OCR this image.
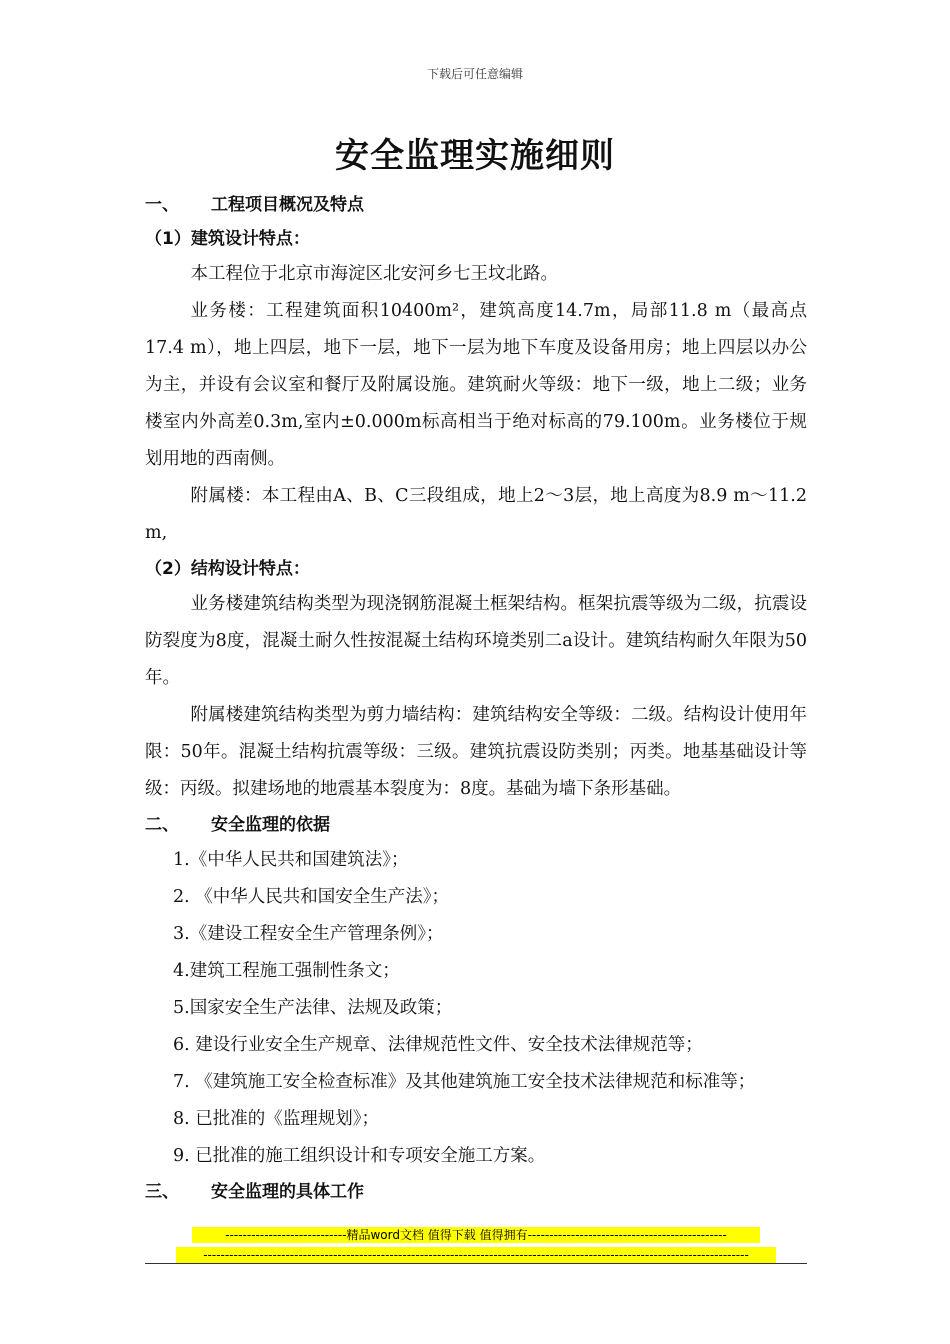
下载后可任意编辑
安全监理实施细则
一、 工程项目概况及特点
（1）建筑设计特点：

本工程位于北京市海淀区北安河乡七王坟北路。

业务楼：工程建筑面积10400m²，建筑高度14.7m，局部11.8 m（最高点17.4 m），地上四层，地下一层，地下一层为地下车度及设备用房；地上四层以办公为主，并设有会议室和餐厅及附属设施。建筑耐火等级：地下一级，地上二级；业务楼室内外高差0.3m,室内±0.000m标高相当于绝对标高的79.100m。业务楼位于规划用地的西南侧。

附属楼：本工程由A、B、C三段组成，地上2～3层，地上高度为8.9 m～11.2 m,

（2）结构设计特点：

业务楼建筑结构类型为现浇钢筋混凝土框架结构。框架抗震等级为二级，抗震设防裂度为8度，混凝土耐久性按混凝土结构环境类别二a设计。建筑结构耐久年限为50年。

附属楼建筑结构类型为剪力墙结构：建筑结构安全等级：二级。结构设计使用年限：50年。混凝土结构抗震等级：三级。建筑抗震设防类别；丙类。地基基础设计等级：丙级。拟建场地的地震基本裂度为：8度。基础为墙下条形基础。

二、 安全监理的依据

1.《中华人民共和国建筑法》；

2. 《中华人民共和国安全生产法》；

3.《建设工程安全生产管理条例》；

4.建筑工程施工强制性条文；

5.国家安全生产法律、法规及政策；

6. 建设行业安全生产规章、法律规范性文件、安全技术法律规范等；

7. 《建筑施工安全检查标准》及其他建筑施工安全技术法律规范和标准等；

8. 已批准的《监理规划》；

9. 已批准的施工组织设计和专项安全施工方案。

三、 安全监理的具体工作
----------------------------精品word文档 值得下载 值得拥有----------------------------------------------
------------------------------------------------------------------------------------------------------------------------------
